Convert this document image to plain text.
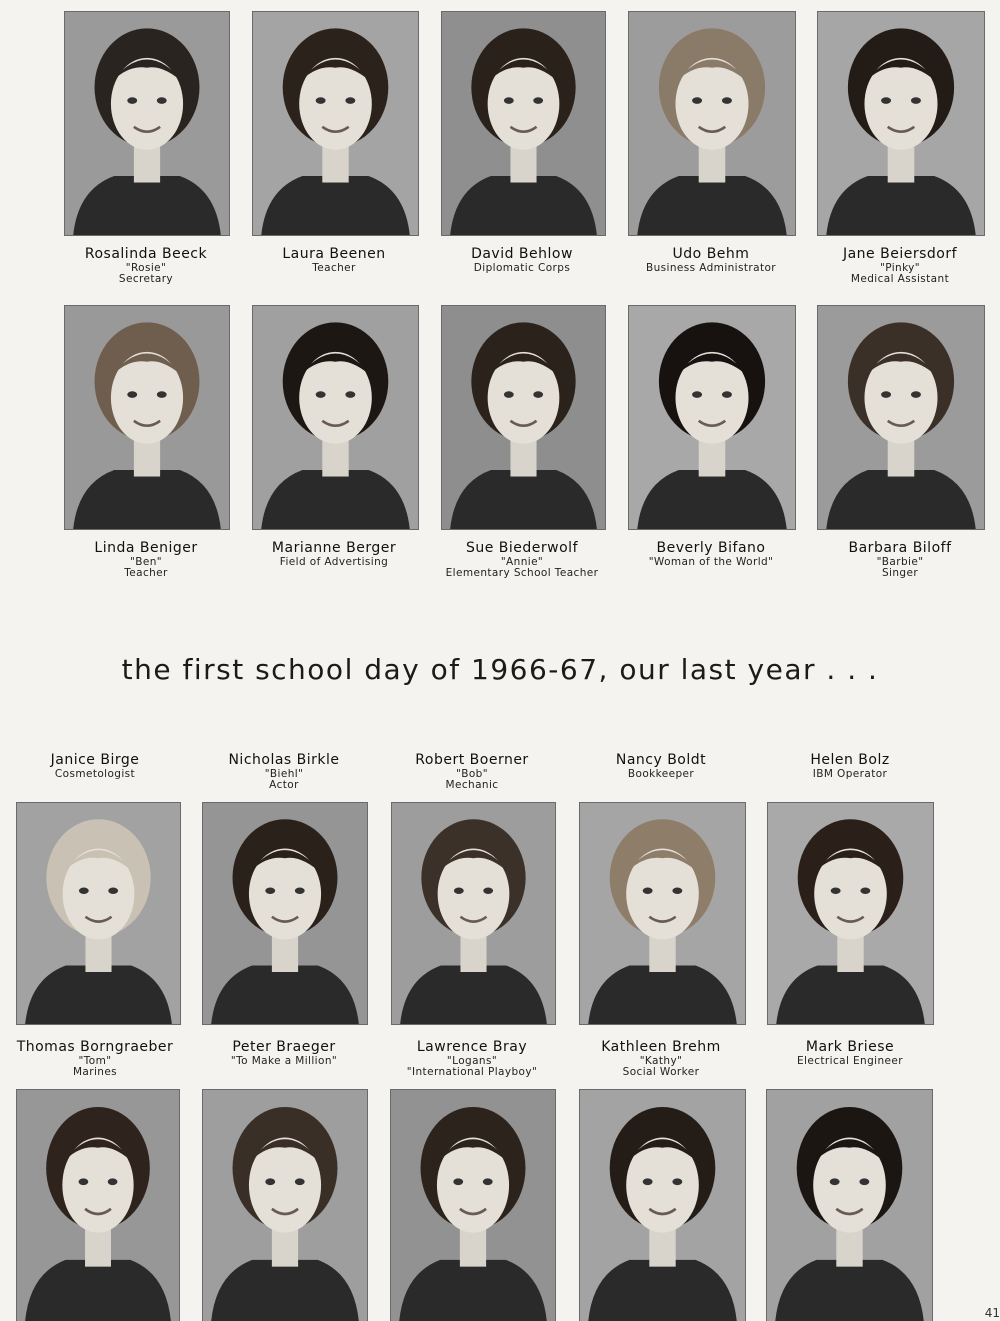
Rosalinda Beeck
"Rosie"
Secretary
Laura Beenen
Teacher
David Behlow
Diplomatic Corps
Udo Behm
Business Administrator
Jane Beiersdorf
"Pinky"
Medical Assistant
Linda Beniger
"Ben"
Teacher
Marianne Berger
Field of Advertising
Sue Biederwolf
"Annie"
Elementary School Teacher
Beverly Bifano
"Woman of the World"
Barbara Biloff
"Barbie"
Singer
the first school day of 1966-67, our last year . . .
Janice Birge
Cosmetologist
Nicholas Birkle
"Biehl"
Actor
Robert Boerner
"Bob"
Mechanic
Nancy Boldt
Bookkeeper
Helen Bolz
IBM Operator
Thomas Borngraeber
"Tom"
Marines
Peter Braeger
"To Make a Million"
Lawrence Bray
"Logans"
"International Playboy"
Kathleen Brehm
"Kathy"
Social Worker
Mark Briese
Electrical Engineer
41
